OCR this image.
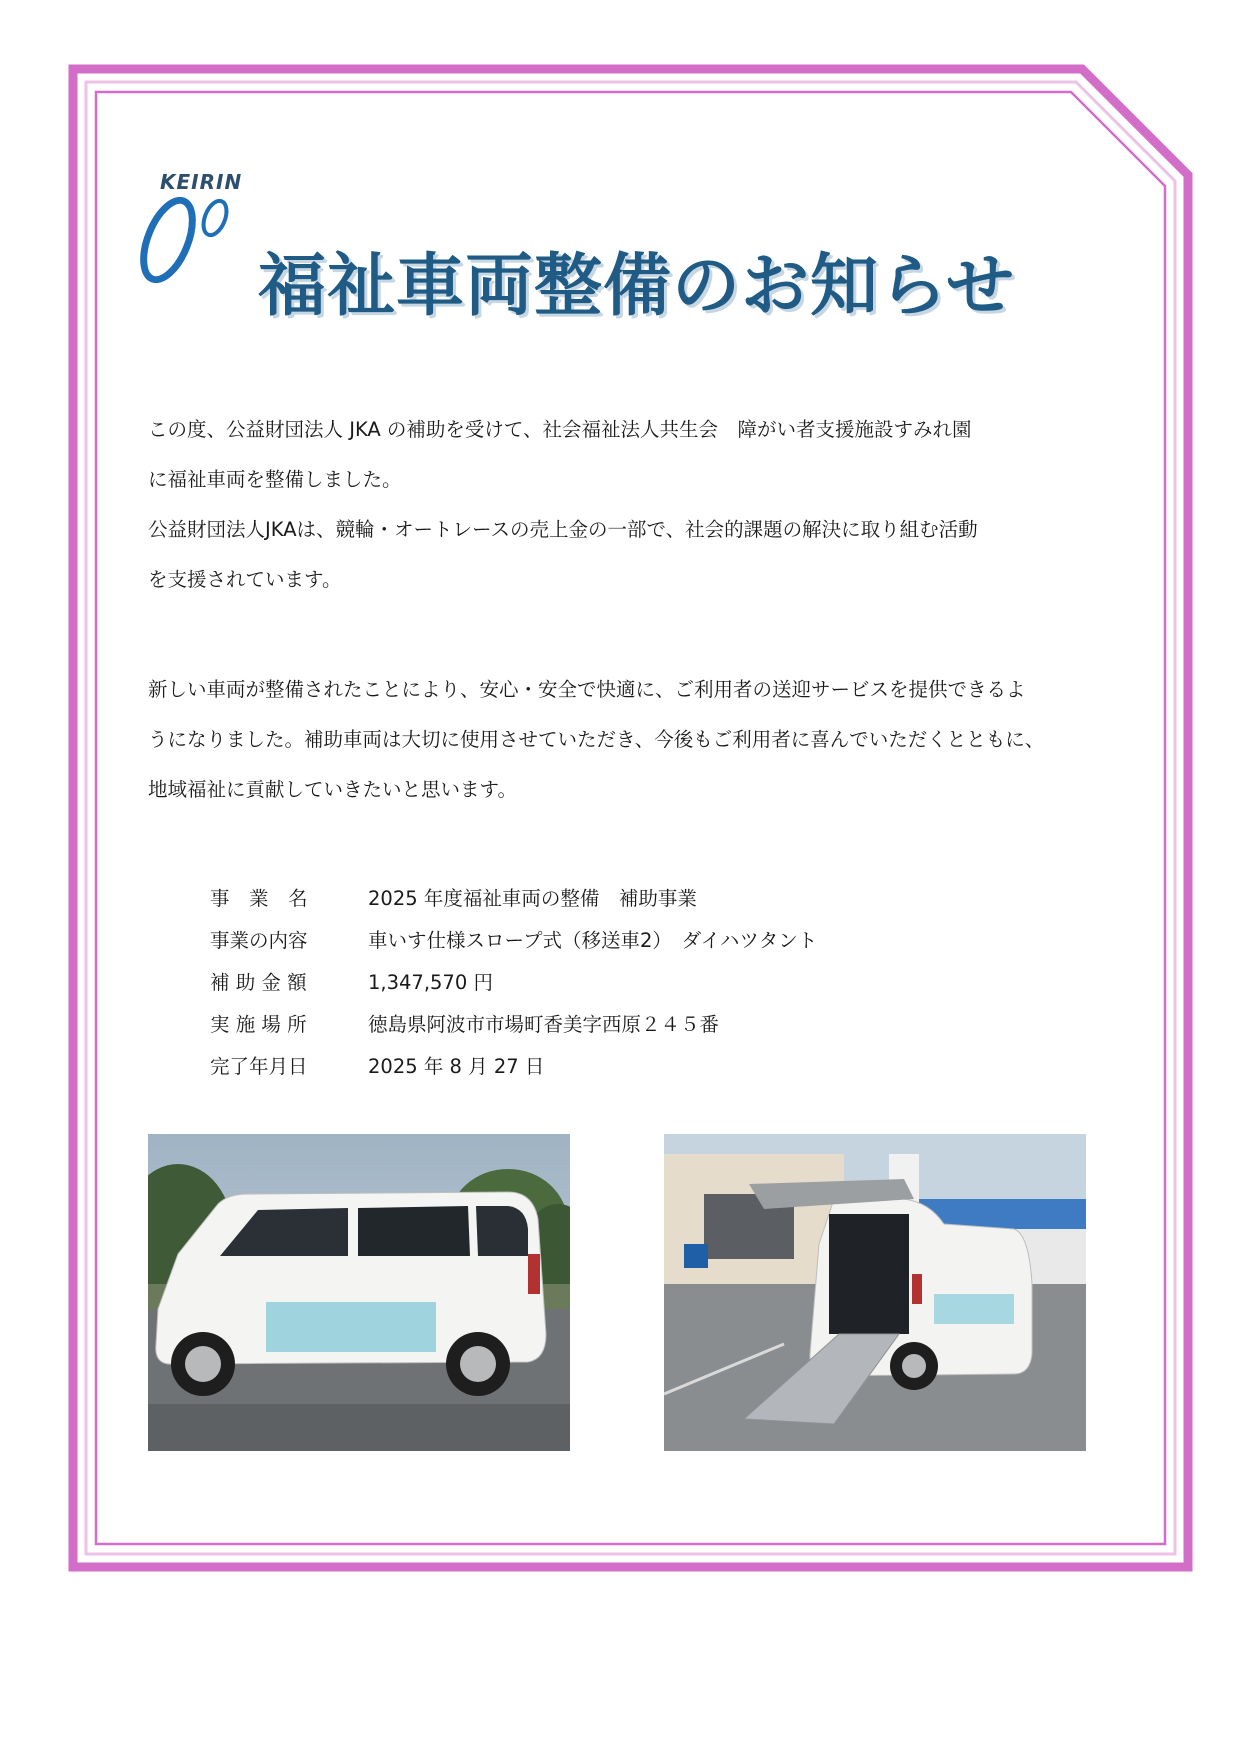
KEIRIN
福祉車両整備のお知らせ
この度、公益財団法人 JKA の補助を受けて、社会福祉法人共生会　障がい者支援施設すみれ園
に福祉車両を整備しました。
公益財団法人JKAは、競輪・オートレースの売上金の一部で、社会的課題の解決に取り組む活動
を支援されています。
新しい車両が整備されたことにより、安心・安全で快適に、ご利用者の送迎サービスを提供できるよ
うになりました。補助車両は大切に使用させていただき、今後もご利用者に喜んでいただくとともに、
地域福祉に貢献していきたいと思います。
事　業　名	2025 年度福祉車両の整備　補助事業
事業の内容	車いす仕様スロープ式（移送車2）　ダイハツタント
補 助 金 額	1,347,570 円
実 施 場 所	徳島県阿波市市場町香美字西原２４５番
完了年月日	2025 年 8 月 27 日
